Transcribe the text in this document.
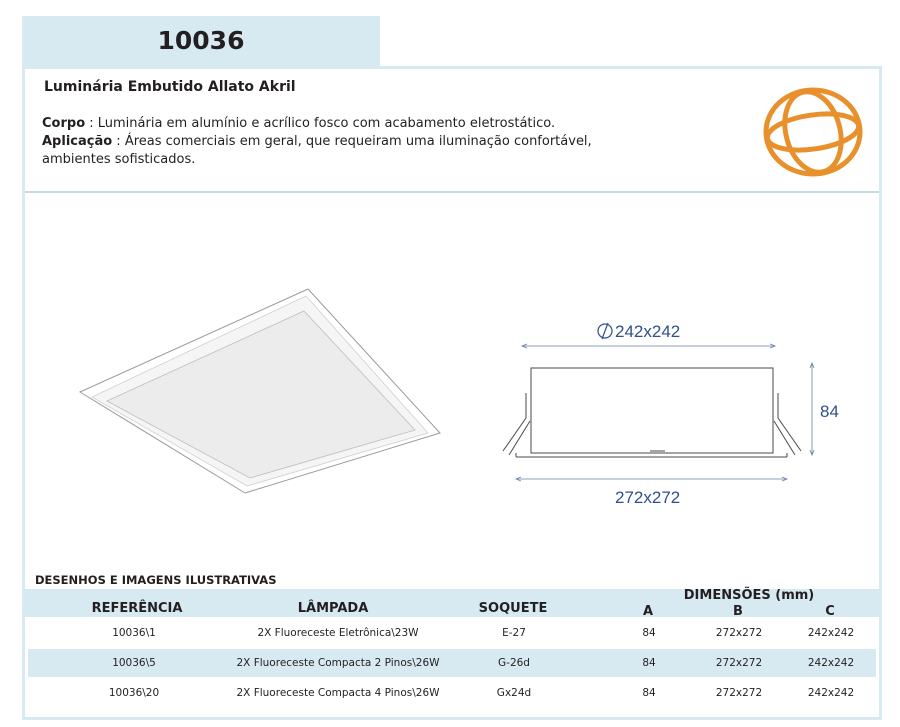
10036
Luminária Embutido Allato Akril
Corpo : Luminária em alumínio e acrílico fosco com acabamento eletrostático.
Aplicação : Áreas comerciais em geral, que requeiram uma iluminação confortável, ambientes sofisticados.
242x242
84
272x272
DESENHOS E IMAGENS ILUSTRATIVAS
REFERÊNCIA	LÂMPADA	SOQUETE
DIMENSÕES (mm)
A	B	C
10036\1	2X Fluoreceste Eletrônica\23W	E-27	84	272x272	242x242
10036\5	2X Fluoreceste Compacta 2 Pinos\26W	G-26d	84	272x272	242x242
10036\20	2X Fluoreceste Compacta 4 Pinos\26W	Gx24d	84	272x272	242x242
